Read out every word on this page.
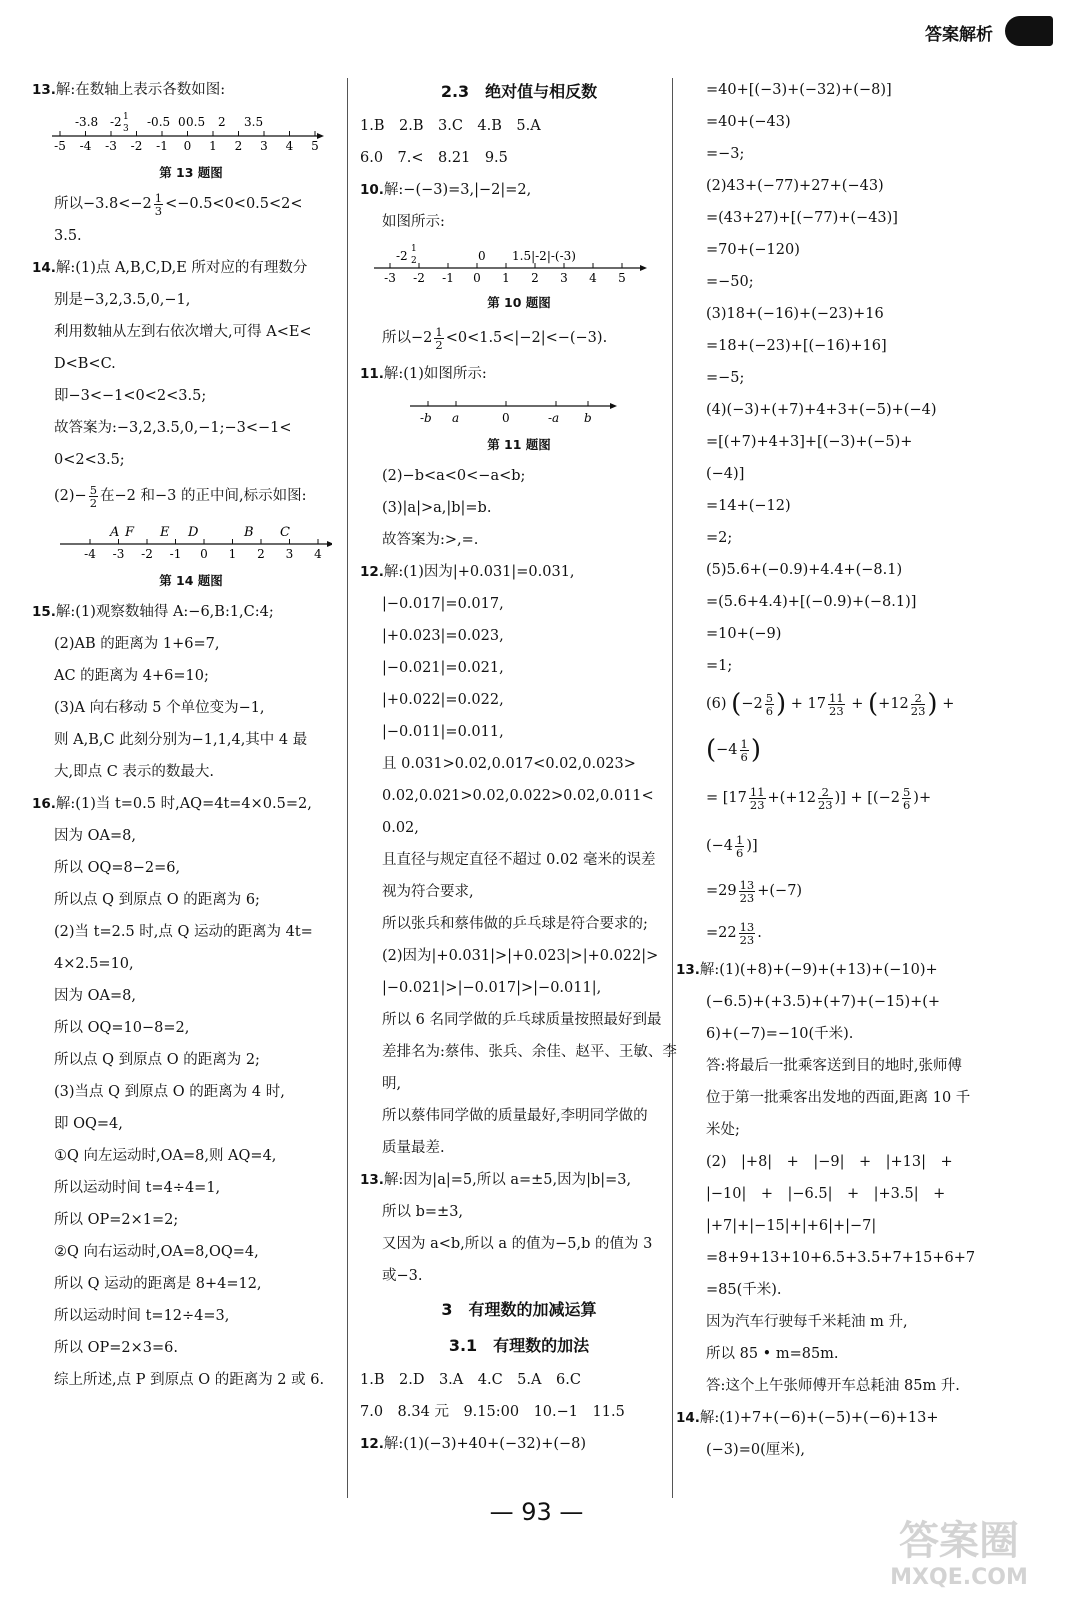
答案解析
13.解:在数轴上表示各数如图:
-5 -4 -3 -2 -1 0 1 2 3 4 5
-3.8 -2 1
3 -0.5 0 0.5 2 3.5
第 13 题图
所以$-3.8<-2 \frac{1}{3} <-0.5<0<0.5<2<$
3.5.
14.解:(1)点 A,B,C,D,E 所对应的有理数分
别是−3,2,3.5,0,−1,
利用数轴从左到右依次增大,可得 A<E<
D<B<C.
即−3<−1<0<2<3.5;
故答案为:−3,2,3.5,0,−1;−3<−1<
0<2<3.5;
$(2)- \frac{5}{2}$ 在−2 和−3 的正中间,标示如图:
-4 -3 -2 -1 0 1 2 3 4
A F E D	B C
第 14 题图
15.解:(1)观察数轴得 A:−6,B:1,C:4;
(2)AB 的距离为 1+6=7,
AC 的距离为 4+6=10;
(3)A 向右移动 5 个单位变为−1,
则 A,B,C 此刻分别为−1,1,4,其中 4 最
大,即点 C 表示的数最大.
16.解:(1)当 t=0.5 时,AQ=4t=4×0.5=2,
因为 OA=8,
所以 OQ=8−2=6,
所以点 Q 到原点 O 的距离为 6;
(2)当 t=2.5 时,点 Q 运动的距离为 4t=
4×2.5=10,
因为 OA=8,
所以 OQ=10−8=2,
所以点 Q 到原点 O 的距离为 2;
(3)当点 Q 到原点 O 的距离为 4 时,
即 OQ=4,
①Q 向左运动时,OA=8,则 AQ=4,
所以运动时间 t=4÷4=1,
所以 OP=2×1=2;
②Q 向右运动时,OA=8,OQ=4,
所以 Q 运动的距离是 8+4=12,
所以运动时间 t=12÷4=3,
所以 OP=2×3=6.
综上所述,点 P 到原点 O 的距离为 2 或 6.
2.3　绝对值与相反数
1.B　2.B　3.C　4.B　5.A
6.0　7.<　8.21　9.5
10.解:−(−3)=3,|−2|=2,
如图所示:
-3 -2 -1 0 1 2 3 4 5
-2 1
2	0 1.5|-2|-(-3)
第 10 题图
所以$-2 \frac{1}{2} <0<1.5<|-2|<-(-3)$.
11.解:(1)如图所示:
-b a	0	-a b
第 11 题图
(2)−b<a<0<−a<b;
(3)|a|>a,|b|=b.
故答案为:>,=.
12.解:(1)因为|+0.031|=0.031,
|−0.017|=0.017,
|+0.023|=0.023,
|−0.021|=0.021,
|+0.022|=0.022,
|−0.011|=0.011,
且 0.031>0.02,0.017<0.02,0.023>
0.02,0.021>0.02,0.022>0.02,0.011<
0.02,
且直径与规定直径不超过 0.02 毫米的误差
视为符合要求,
所以张兵和蔡伟做的乒乓球是符合要求的;
(2)因为|+0.031|>|+0.023|>|+0.022|>
|−0.021|>|−0.017|>|−0.011|,
所以 6 名同学做的乒乓球质量按照最好到最
差排名为:蔡伟、张兵、余佳、赵平、王敏、李
明,
所以蔡伟同学做的质量最好,李明同学做的
质量最差.
13.解:因为|a|=5,所以 a=±5,因为|b|=3,
所以 b=±3,
又因为 a<b,所以 a 的值为−5,b 的值为 3
或−3.
3　有理数的加减运算
3.1　有理数的加法
1.B　2.D　3.A　4.C　5.A　6.C
7.0　8.34 元　9.15:00　10.−1　11.5
12.解:(1)(−3)+40+(−32)+(−8)
=40+[(−3)+(−32)+(−8)]
=40+(−43)
=−3;
(2)43+(−77)+27+(−43)
=(43+27)+[(−77)+(−43)]
=70+(−120)
=−50;
(3)18+(−16)+(−23)+16
=18+(−23)+[(−16)+16]
=−5;
(4)(−3)+(+7)+4+3+(−5)+(−4)
=[(+7)+4+3]+[(−3)+(−5)+
(−4)]
=14+(−12)
=2;
(5)5.6+(−0.9)+4.4+(−8.1)
=(5.6+4.4)+[(−0.9)+(−8.1)]
=10+(−9)
=1;
(6) ($-2 \frac{5}{6}$ ) + $17 \frac{11}{23} + (+12 \frac{2}{23}$ ) +
($-4 \frac{1}{6}$ )
= [$17 \frac{11}{23} +(+12 \frac{2}{23}$ )] + [($-2 \frac{5}{6}$ )+
($-4 \frac{1}{6}$ )]
$=29 \frac{13}{23} +(-7)$
$=22 \frac{13}{23}$ .
13.解:(1)(+8)+(−9)+(+13)+(−10)+
(−6.5)+(+3.5)+(+7)+(−15)+(+
6)+(−7)=−10(千米).
答:将最后一批乘客送到目的地时,张师傅
位于第一批乘客出发地的西面,距离 10 千
米处;
(2)　|+8|　+　|−9|　+　|+13|　+
|−10|　+　|−6.5|　+　|+3.5|　+
|+7|+|−15|+|+6|+|−7|
=8+9+13+10+6.5+3.5+7+15+6+7
=85(千米).
因为汽车行驶每千米耗油 m 升,
所以 85 • m=85m.
答:这个上午张师傅开车总耗油 85m 升.
14.解:(1)+7+(−6)+(−5)+(−6)+13+
(−3)=0(厘米),
— 93 —
答案圈
MXQE.COM
